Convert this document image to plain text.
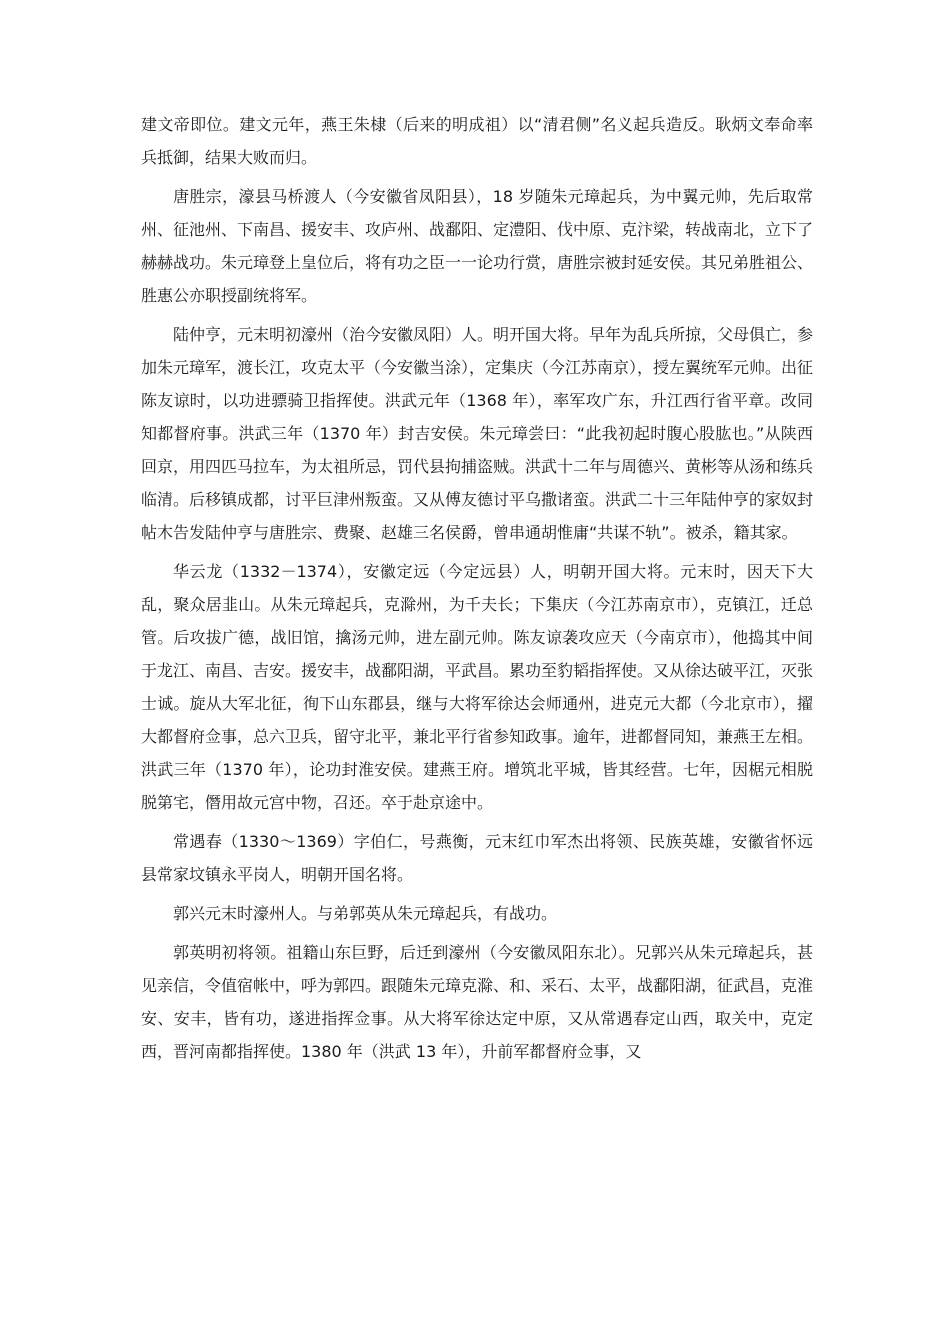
建文帝即位。建文元年，燕王朱棣（后来的明成祖）以“清君侧”名义起兵造反。耿炳文奉命率兵抵御，结果大败而归。

唐胜宗，濠县马桥渡人（今安徽省凤阳县），18 岁随朱元璋起兵，为中翼元帅，先后取常州、征池州、下南昌、援安丰、攻庐州、战鄱阳、定澧阳、伐中原、克汴梁，转战南北，立下了赫赫战功。朱元璋登上皇位后，将有功之臣一一论功行赏，唐胜宗被封延安侯。其兄弟胜祖公、胜惠公亦职授副统将军。

陆仲亨，元末明初濠州（治今安徽凤阳）人。明开国大将。早年为乱兵所掠，父母俱亡，参加朱元璋军，渡长江，攻克太平（今安徽当涂），定集庆（今江苏南京），授左翼统军元帅。出征陈友谅时，以功进骠骑卫指挥使。洪武元年（1368 年），率军攻广东，升江西行省平章。改同知都督府事。洪武三年（1370 年）封吉安侯。朱元璋尝曰：“此我初起时腹心股肱也。”从陕西回京，用四匹马拉车，为太祖所忌，罚代县拘捕盗贼。洪武十二年与周德兴、黄彬等从汤和练兵临清。后移镇成都，讨平巨津州叛蛮。又从傅友德讨平乌撒诸蛮。洪武二十三年陆仲亨的家奴封帖木告发陆仲亨与唐胜宗、费聚、赵雄三名侯爵，曾串通胡惟庸“共谋不轨”。被杀，籍其家。

华云龙（1332－1374），安徽定远（今定远县）人，明朝开国大将。元末时，因天下大乱，聚众居韭山。从朱元璋起兵，克滁州，为千夫长；下集庆（今江苏南京市），克镇江，迁总管。后攻拔广德，战旧馆，擒汤元帅，进左副元帅。陈友谅袭攻应天（今南京市），他捣其中间于龙江、南昌、吉安。援安丰，战鄱阳湖，平武昌。累功至豹韬指挥使。又从徐达破平江，灭张士诚。旋从大军北征，徇下山东郡县，继与大将军徐达会师通州，进克元大都（今北京市），擢大都督府佥事，总六卫兵，留守北平，兼北平行省参知政事。逾年，进都督同知，兼燕王左相。洪武三年（1370 年），论功封淮安侯。建燕王府。增筑北平城，皆其经营。七年，因椐元相脱脱第宅，僭用故元宫中物，召还。卒于赴京途中。

常遇春（1330～1369）字伯仁，号燕衡，元末红巾军杰出将领、民族英雄，安徽省怀远县常家坟镇永平岗人，明朝开国名将。

郭兴元末时濠州人。与弟郭英从朱元璋起兵，有战功。

郭英明初将领。祖籍山东巨野，后迁到濠州（今安徽凤阳东北）。兄郭兴从朱元璋起兵，甚见亲信，令值宿帐中，呼为郭四。跟随朱元璋克滁、和、采石、太平，战鄱阳湖，征武昌，克淮安、安丰，皆有功，遂进指挥佥事。从大将军徐达定中原，又从常遇春定山西，取关中，克定西，晋河南都指挥使。1380 年（洪武 13 年），升前军都督府佥事，又
